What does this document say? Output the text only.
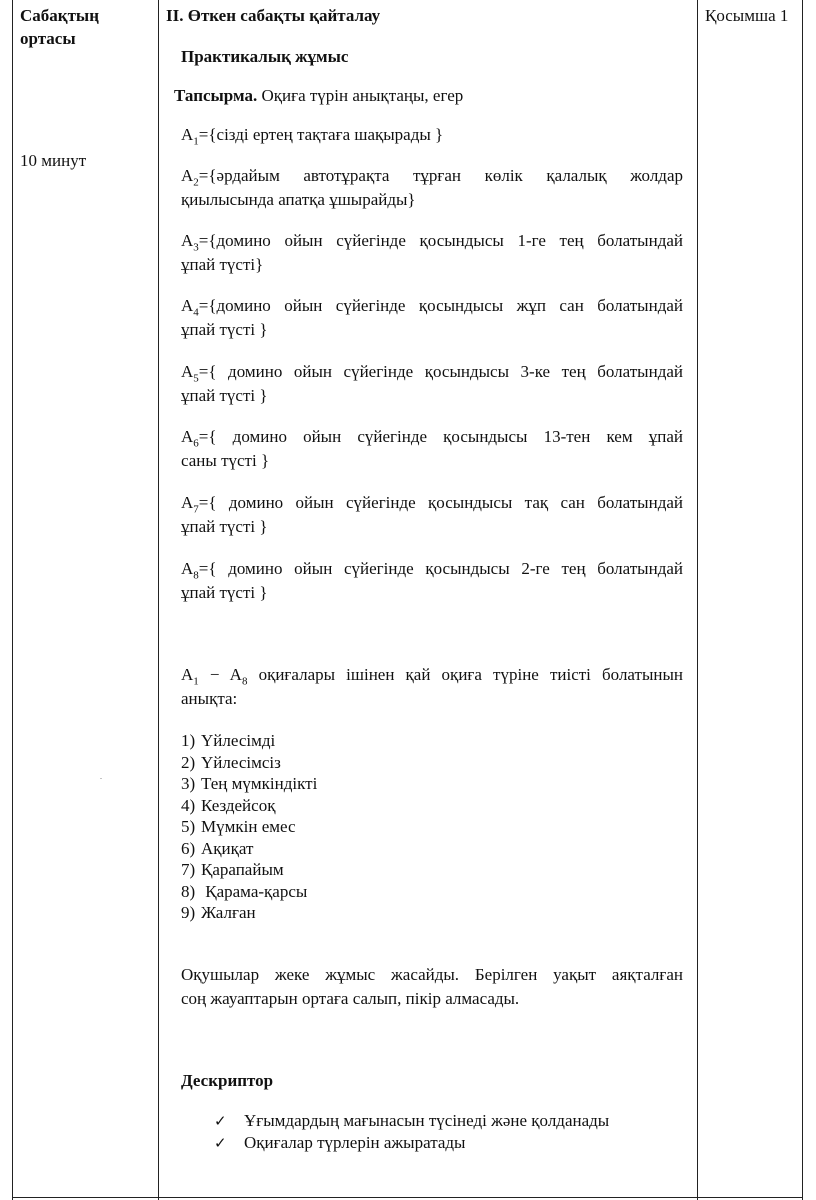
Сабақтың
ортасы
10 минут
.
Қосымша 1
II. Өткен сабақты қайталау
Практикалық жұмыс
Тапсырма. Оқиға түрін анықтаңы, егер
$A_1=\{сізді$ ертең тақтаға шақырады }
$A_2=\{әрдайым$ автотұрақта тұрған көлік қалалық жолдар
қиылысында апатқа ұшырайды}
$A_3=\{домино$ ойын сүйегінде қосындысы 1-ге тең болатындай
ұпай түсті}
$A_4=\{домино$ ойын сүйегінде қосындысы жұп сан болатындай
ұпай түсті }
$A_5=${ домино ойын сүйегінде қосындысы 3-ке тең болатындай
ұпай түсті }
$A_6=${ домино ойын сүйегінде қосындысы 13-тен кем ұпай
саны түсті }
$A_7=${ домино ойын сүйегінде қосындысы тақ сан болатындай
ұпай түсті }
$A_8=${ домино ойын сүйегінде қосындысы 2-ге тең болатындай
ұпай түсті }
$A_1 - A_8$ оқиғалары ішінен қай оқиға түріне тиісті болатынын
анықта:
1) Үйлесімді
2) Үйлесімсіз
3) Тең мүмкіндікті
4) Кездейсоқ
5) Мүмкін емес
6) Ақиқат
7) Қарапайым
8) Қарама-қарсы
9) Жалған
Оқушылар жеке жұмыс жасайды. Берілген уақыт аяқталған
соң жауаптарын ортаға салып, пікір алмасады.
Дескриптор
✓ Ұғымдардың мағынасын түсінеді және қолданады
✓ Оқиғалар түрлерін ажыратады
